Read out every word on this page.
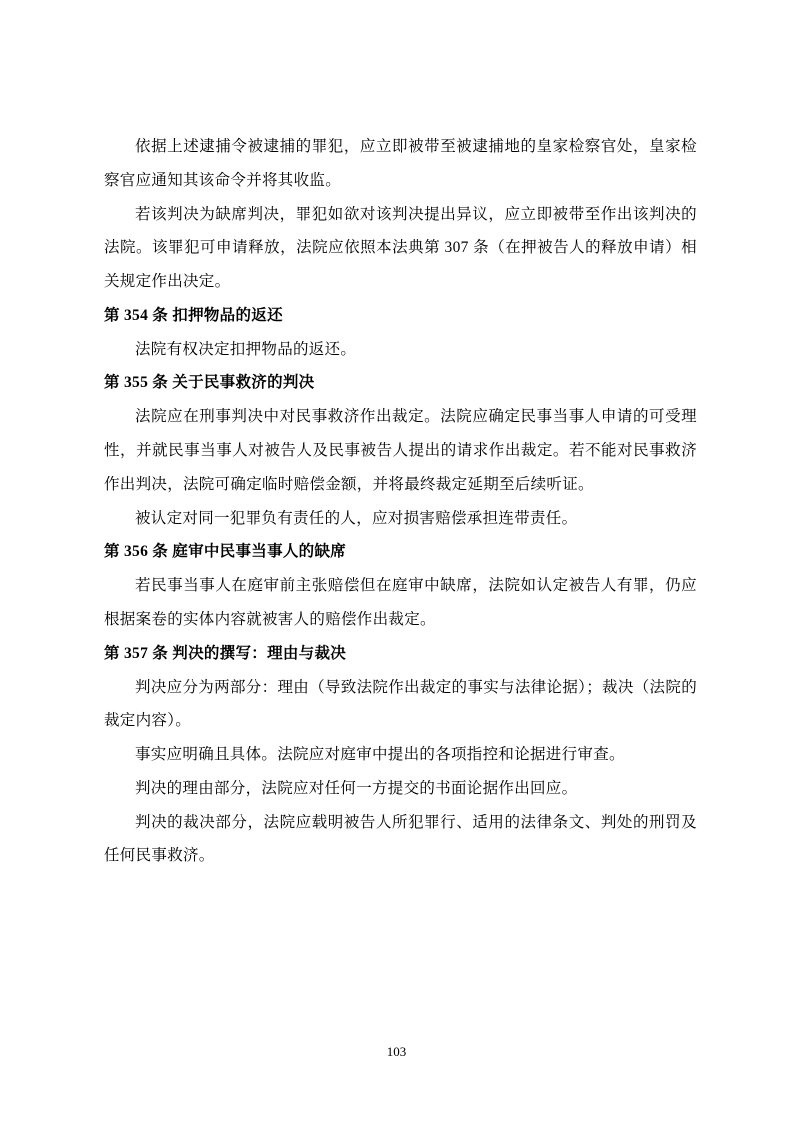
依据上述逮捕令被逮捕的罪犯，应立即被带至被逮捕地的皇家检察官处，皇家检察官应通知其该命令并将其收监。

若该判决为缺席判决，罪犯如欲对该判决提出异议，应立即被带至作出该判决的法院。该罪犯可申请释放，法院应依照本法典第 307 条（在押被告人的释放申请）相关规定作出决定。

第 354 条 扣押物品的返还

法院有权决定扣押物品的返还。

第 355 条 关于民事救济的判决

法院应在刑事判决中对民事救济作出裁定。法院应确定民事当事人申请的可受理性，并就民事当事人对被告人及民事被告人提出的请求作出裁定。若不能对民事救济作出判决，法院可确定临时赔偿金额，并将最终裁定延期至后续听证。

被认定对同一犯罪负有责任的人，应对损害赔偿承担连带责任。

第 356 条 庭审中民事当事人的缺席

若民事当事人在庭审前主张赔偿但在庭审中缺席，法院如认定被告人有罪，仍应根据案卷的实体内容就被害人的赔偿作出裁定。

第 357 条 判决的撰写：理由与裁决

判决应分为两部分：理由（导致法院作出裁定的事实与法律论据）；裁决（法院的裁定内容）。

事实应明确且具体。法院应对庭审中提出的各项指控和论据进行审查。

判决的理由部分，法院应对任何一方提交的书面论据作出回应。

判决的裁决部分，法院应载明被告人所犯罪行、适用的法律条文、判处的刑罚及任何民事救济。

103
